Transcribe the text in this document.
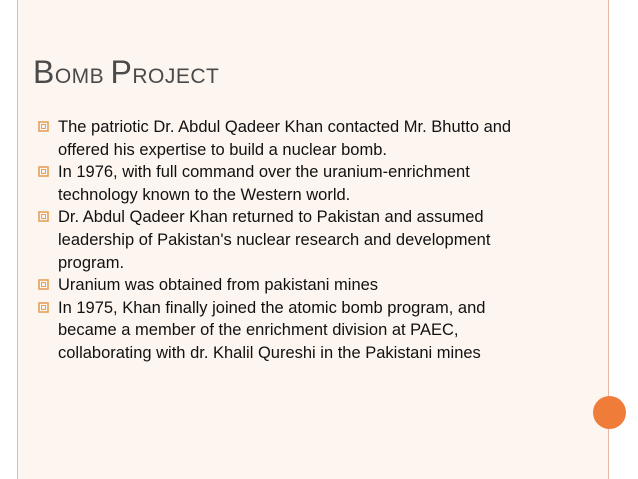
BOMB PROJECT
The patriotic Dr. Abdul Qadeer Khan contacted Mr. Bhutto and offered his expertise to build a nuclear bomb.
In 1976, with full command over the uranium-enrichment technology known to the Western world.
Dr. Abdul Qadeer Khan returned to Pakistan and assumed leadership of Pakistan's nuclear research and development program.
Uranium was obtained from pakistani mines
In 1975, Khan finally joined the atomic bomb program, and became a member of the enrichment division at PAEC, collaborating with dr. Khalil Qureshi in the Pakistani mines
